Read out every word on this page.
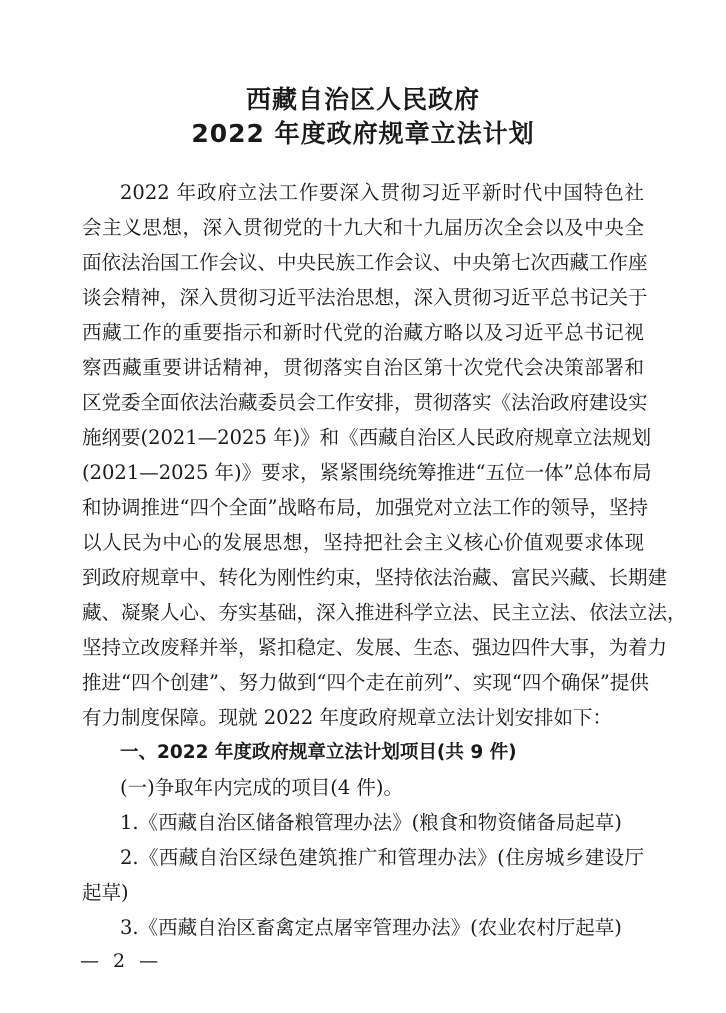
西藏自治区人民政府
2022 年度政府规章立法计划
2022 年政府立法工作要深入贯彻习近平新时代中国特色社
会主义思想，深入贯彻党的十九大和十九届历次全会以及中央全
面依法治国工作会议、中央民族工作会议、中央第七次西藏工作座
谈会精神，深入贯彻习近平法治思想，深入贯彻习近平总书记关于
西藏工作的重要指示和新时代党的治藏方略以及习近平总书记视
察西藏重要讲话精神，贯彻落实自治区第十次党代会决策部署和
区党委全面依法治藏委员会工作安排，贯彻落实《法治政府建设实
施纲要(2021—2025 年)》和《西藏自治区人民政府规章立法规划
(2021—2025 年)》要求，紧紧围绕统筹推进“五位一体”总体布局
和协调推进“四个全面”战略布局，加强党对立法工作的领导，坚持
以人民为中心的发展思想，坚持把社会主义核心价值观要求体现
到政府规章中、转化为刚性约束，坚持依法治藏、富民兴藏、长期建
藏、凝聚人心、夯实基础，深入推进科学立法、民主立法、依法立法，
坚持立改废释并举，紧扣稳定、发展、生态、强边四件大事，为着力
推进“四个创建”、努力做到“四个走在前列”、实现“四个确保”提供
有力制度保障。现就 2022 年度政府规章立法计划安排如下：
一、2022 年度政府规章立法计划项目(共 9 件)
(一)争取年内完成的项目(4 件)。
1.《西藏自治区储备粮管理办法》(粮食和物资储备局起草)
2.《西藏自治区绿色建筑推广和管理办法》(住房城乡建设厅
起草)
3.《西藏自治区畜禽定点屠宰管理办法》(农业农村厅起草)
— 2 —
